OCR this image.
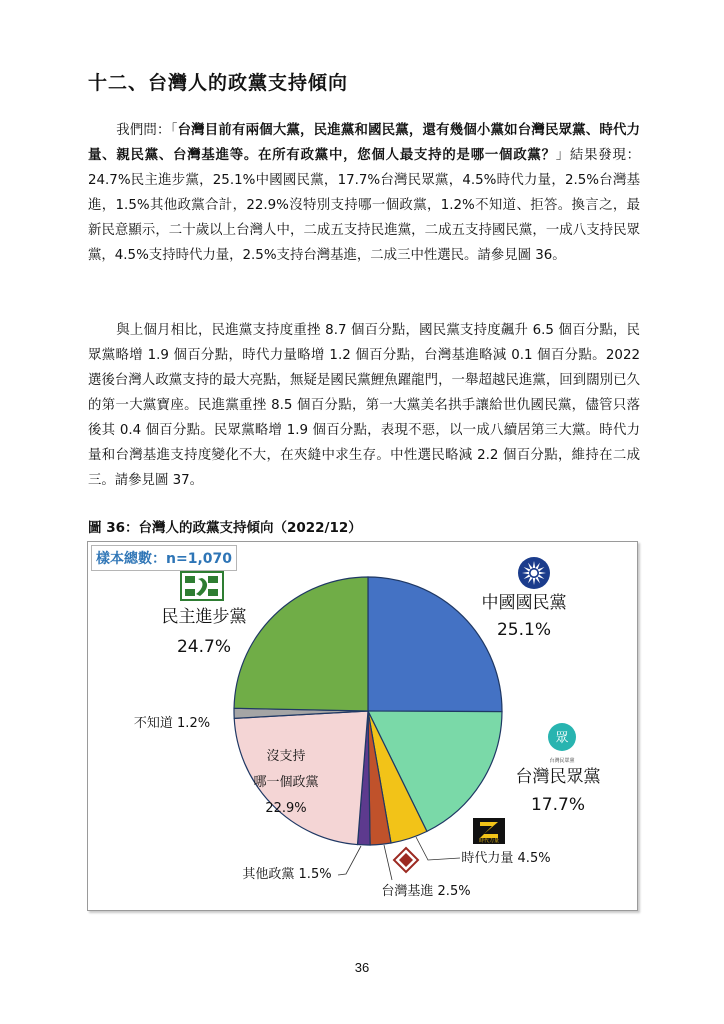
十二、台灣人的政黨支持傾向

我們問：「台灣目前有兩個大黨，民進黨和國民黨，還有幾個小黨如台灣民眾黨、時代力量、親民黨、台灣基進等。在所有政黨中，您個人最支持的是哪一個政黨？」結果發現：24.7%民主進步黨，25.1%中國國民黨，17.7%台灣民眾黨，4.5%時代力量，2.5%台灣基進，1.5%其他政黨合計，22.9%沒特別支持哪一個政黨，1.2%不知道、拒答。換言之，最新民意顯示，二十歲以上台灣人中，二成五支持民進黨，二成五支持國民黨，一成八支持民眾黨，4.5%支持時代力量，2.5%支持台灣基進，二成三中性選民。請參見圖 36。

與上個月相比，民進黨支持度重挫 8.7 個百分點，國民黨支持度飆升 6.5 個百分點，民眾黨略增 1.9 個百分點，時代力量略增 1.2 個百分點，台灣基進略減 0.1 個百分點。2022 選後台灣人政黨支持的最大亮點，無疑是國民黨鯉魚躍龍門，一舉超越民進黨，回到闊別已久的第一大黨寶座。民進黨重挫 8.5 個百分點，第一大黨美名拱手讓給世仇國民黨，儘管只落後其 0.4 個百分點。民眾黨略增 1.9 個百分點，表現不惡，以一成八續居第三大黨。時代力量和台灣基進支持度變化不大，在夾縫中求生存。中性選民略減 2.2 個百分點，維持在二成三。請參見圖 37。

圖 36：台灣人的政黨支持傾向（2022/12）
中國國民黨
25.1%
台灣民眾黨
17.7%
時代力量 4.5%
台灣基進 2.5%
其他政黨 1.5%
沒支持
哪一個政黨
22.9%
不知道 1.2%
民主進步黨
24.7%
眾
台灣民眾黨
時代力量
樣本總數：n=1,070
36
